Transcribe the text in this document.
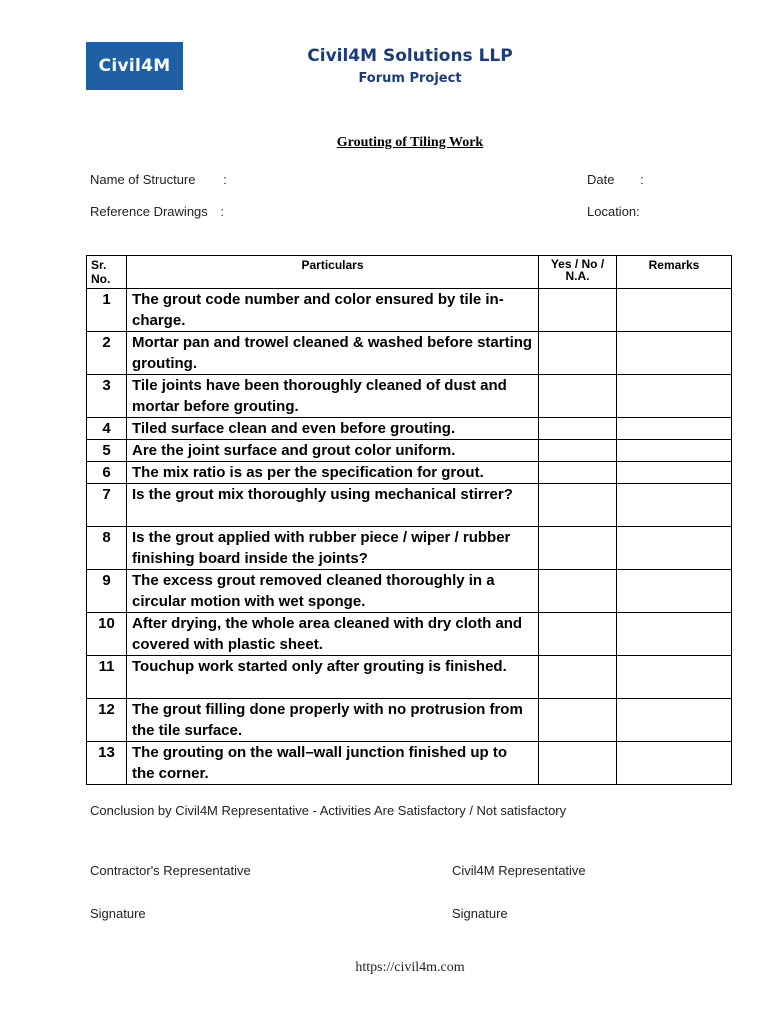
Civil4M	Civil4M Solutions LLP
Forum Project
Grouting of Tiling Work
Name of Structure :
Reference Drawings :
Date :
Location:
Sr. No.	Particulars	Yes / No / N.A.	Remarks
1	The grout code number and color ensured by tile in-charge.		
2	Mortar pan and trowel cleaned & washed before starting grouting.		
3	Tile joints have been thoroughly cleaned of dust and mortar before grouting.		
4	Tiled surface clean and even before grouting.		
5	Are the joint surface and grout color uniform.		
6	The mix ratio is as per the specification for grout.		
7	Is the grout mix thoroughly using mechanical stirrer?		
8	Is the grout applied with rubber piece / wiper / rubber finishing board inside the joints?		
9	The excess grout removed cleaned thoroughly in a circular motion with wet sponge.		
10	After drying, the whole area cleaned with dry cloth and covered with plastic sheet.		
11	Touchup work started only after grouting is finished.		
12	The grout filling done properly with no protrusion from the tile surface.		
13	The grouting on the wall–wall junction finished up to the corner.		
Conclusion by Civil4M Representative - Activities Are Satisfactory / Not satisfactory
Contractor's Representative	Civil4M Representative
Signature	Signature
https://civil4m.com
